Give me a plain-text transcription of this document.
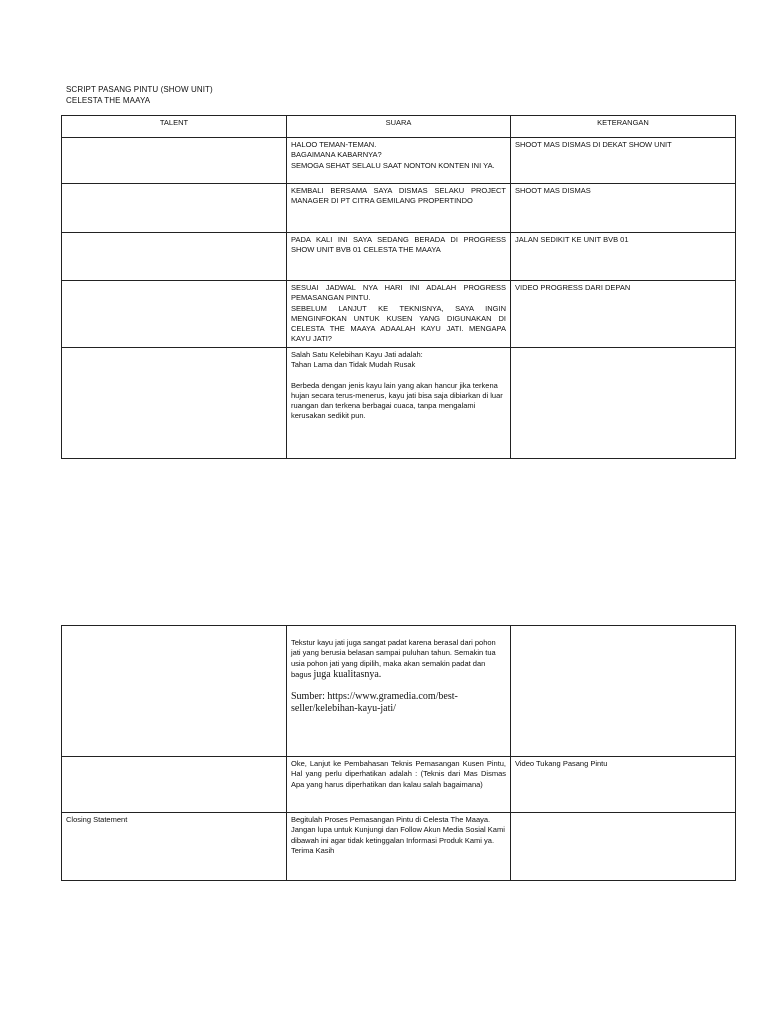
SCRIPT PASANG PINTU (SHOW UNIT)
CELESTA THE MAAYA
TALENT	SUARA	KETERANGAN
	HALOO TEMAN-TEMAN.
BAGAIMANA KABARNYA?
SEMOGA SEHAT SELALU SAAT NONTON KONTEN INI YA.	SHOOT MAS DISMAS DI DEKAT SHOW UNIT
	KEMBALI BERSAMA SAYA DISMAS SELAKU PROJECT MANAGER DI PT CITRA GEMILANG PROPERTINDO	SHOOT MAS DISMAS
	PADA KALI INI SAYA SEDANG BERADA DI PROGRESS SHOW UNIT BVB 01 CELESTA THE MAAYA	JALAN SEDIKIT KE UNIT BVB 01
	SESUAI JADWAL NYA HARI INI ADALAH PROGRESS PEMASANGAN PINTU.
SEBELUM LANJUT KE TEKNISNYA, SAYA INGIN MENGINFOKAN UNTUK KUSEN YANG DIGUNAKAN DI CELESTA THE MAAYA ADAALAH KAYU JATI. MENGAPA KAYU JATI?	VIDEO PROGRESS DARI DEPAN

	Salah Satu Kelebihan Kayu Jati adalah:
Tahan Lama dan Tidak Mudah Rusak
Berbeda dengan jenis kayu lain yang akan hancur jika terkena hujan secara terus-menerus, kayu jati bisa saja dibiarkan di luar ruangan dan terkena berbagai cuaca, tanpa mengalami kerusakan sedikit pun.	

	Tekstur kayu jati juga sangat padat karena berasal dari pohon jati yang berusia belasan sampai puluhan tahun. Semakin tua usia pohon jati yang dipilih, maka akan semakin padat dan bagus juga kualitasnya.
Sumber: https://www.gramedia.com/best-seller/kelebihan-kayu-jati/	

	Oke, Lanjut ke Pembahasan Teknis Pemasangan Kusen Pintu, Hal yang perlu diperhatikan adalah : (Teknis dari Mas Dismas Apa yang harus diperhatikan dan kalau salah bagaimana)	Video Tukang Pasang Pintu
Closing Statement	Begitulah Proses Pemasangan Pintu di Celesta The Maaya.
Jangan lupa untuk Kunjungi dan Follow Akun Media Sosial Kami dibawah ini agar tidak ketinggalan Informasi Produk Kami ya.
Terima Kasih	
